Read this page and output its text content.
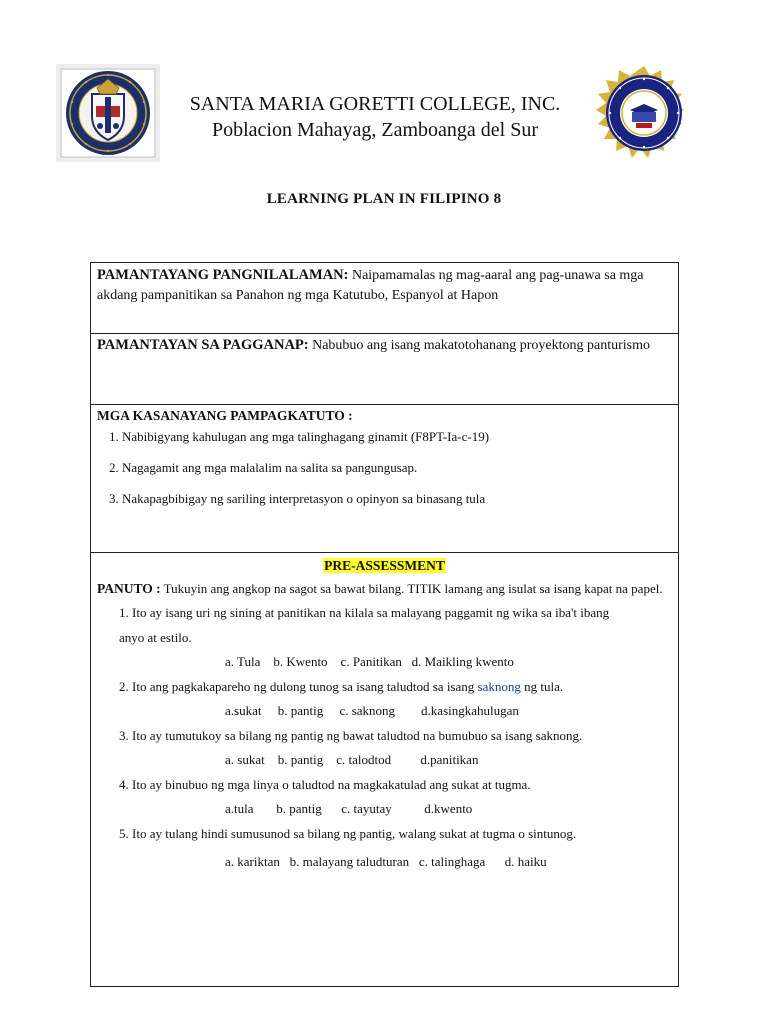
SANTA MARIA GORETTI COLLEGE, INC.
Poblacion Mahayag, Zamboanga del Sur
LEARNING PLAN IN FILIPINO 8
PAMANTAYANG PANGNILALAMAN: Naipamamalas ng mag-aaral ang pag-unawa sa mga akdang pampanitikan sa Panahon ng mga Katutubo, Espanyol at Hapon
PAMANTAYAN SA PAGGANAP: Nabubuo ang isang makatotohanang proyektong panturismo
MGA KASANAYANG PAMPAGKATUTO :
1. Nabibigyang kahulugan ang mga talinghagang ginamit (F8PT-Ia-c-19)
2. Nagagamit ang mga malalalim na salita sa pangungusap.
3. Nakapagbibigay ng sariling interpretasyon o opinyon sa binasang tula
PRE-ASSESSMENT
PANUTO : Tukuyin ang angkop na sagot sa bawat bilang. TITIK lamang ang isulat sa isang kapat na papel.
1. Ito ay isang uri ng sining at panitikan na kilala sa malayang paggamit ng wika sa iba't ibang
anyo at estilo.
a. Tula    b. Kwento    c. Panitikan   d. Maikling kwento
2. Ito ang pagkakapareho ng dulong tunog sa isang taludtod sa isang saknong ng tula.
a.sukat     b. pantig     c. saknong        d.kasingkahulugan
3. Ito ay tumutukoy sa bilang ng pantig ng bawat taludtod na bumubuo sa isang saknong.
a. sukat    b. pantig    c. talodtod         d.panitikan
4. Ito ay binubuo ng mga linya o taludtod na magkakatulad ang sukat at tugma.
a.tula       b. pantig      c. tayutay          d.kwento
5. Ito ay tulang hindi sumusunod sa bilang ng pantig, walang sukat at tugma o sintunog.
a. kariktan   b. malayang taludturan   c. talinghaga      d. haiku
